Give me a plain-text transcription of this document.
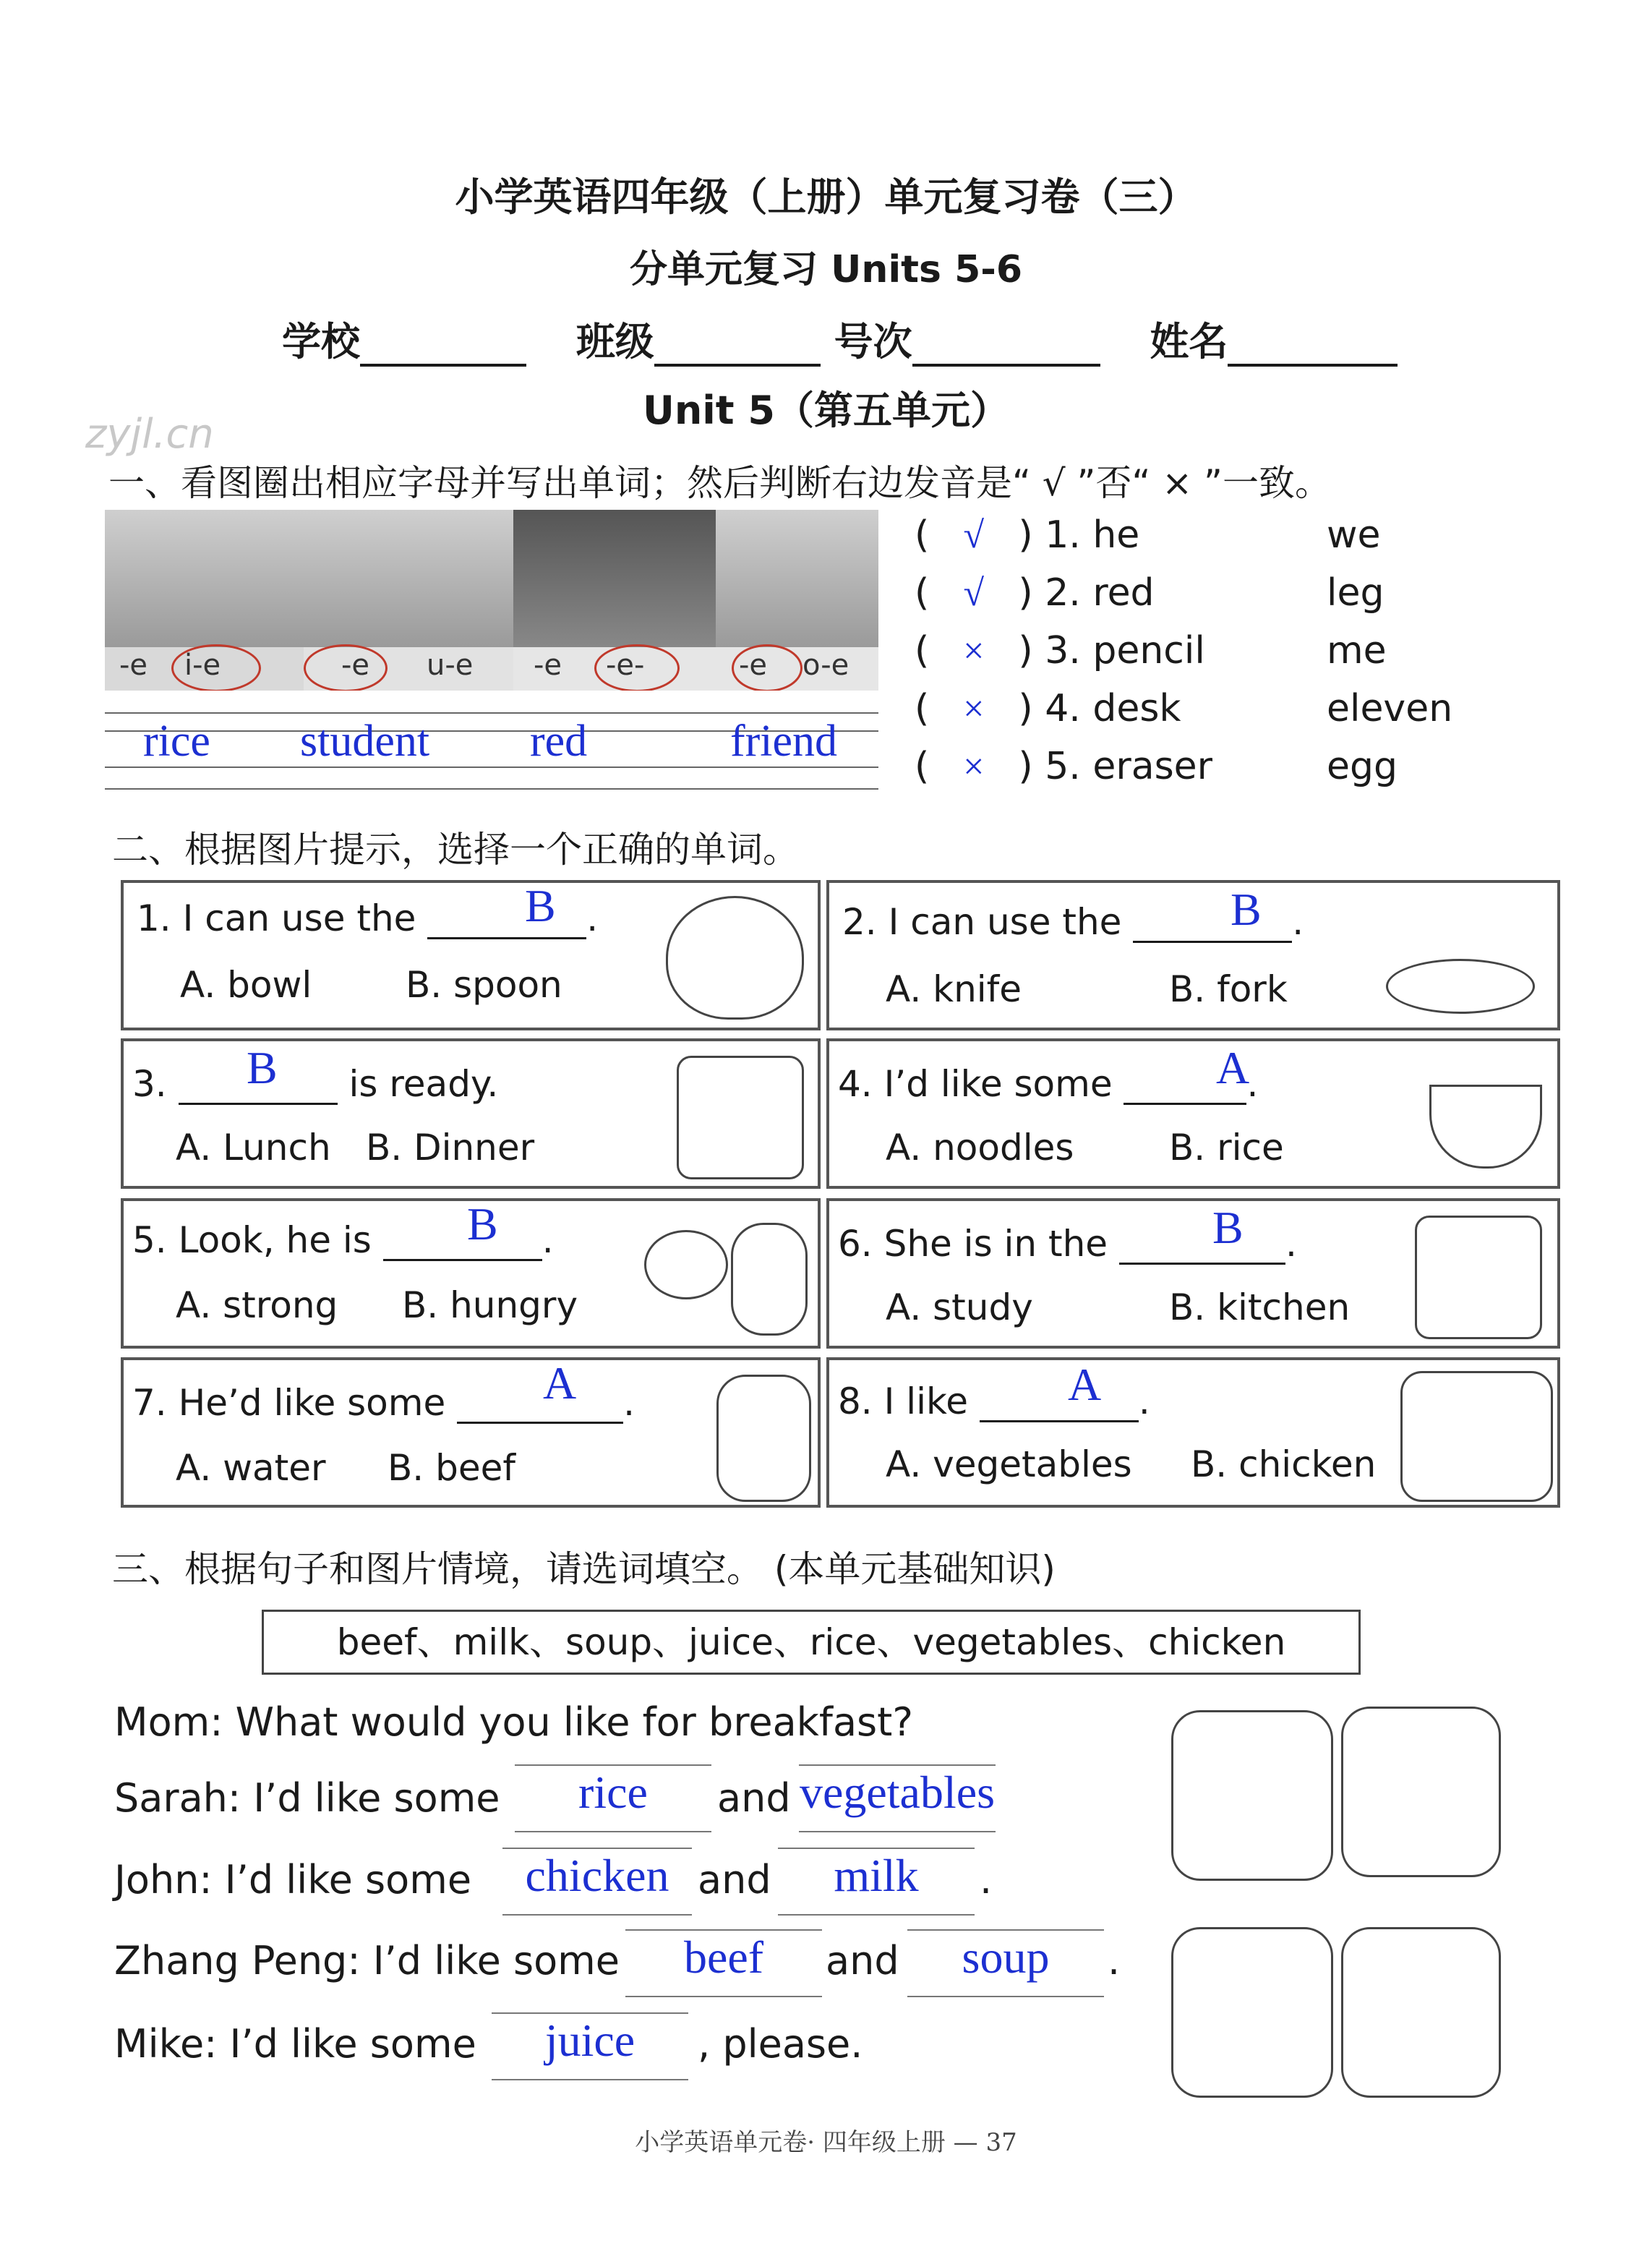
小学英语四年级（上册）单元复习卷（三）
分单元复习 Units 5-6
学校	班级	号次	姓名
Unit 5（第五单元）
zyjl.cn
一、看图圈出相应字母并写出单词；然后判断右边发音是“ √ ”否“ × ”一致。
-e i-e	-e u-e -e -e-	-e o-e
rice student red	friend
( √ ) 1. he	we
( √ ) 2. red	leg
( × ) 3. pencil	me
( × ) 4. desk	eleven
( × ) 5. eraser	egg
二、根据图片提示，选择一个正确的单词。
1. I can use the	.
B
A. bowl	B. spoon
2. I can use the	.
B
A. knife	B. fork
3.	is ready.
B
A. Lunch B. Dinner
4. I’d like some	.
A
A. noodles	B. rice
5. Look, he is	.
B
A. strong B. hungry
6. She is in the	.
B
A. study	B. kitchen
7. He’d like some	.
A
A. water B. beef
8. I like	.
A
A. vegetables B. chicken
三、根据句子和图片情境，请选词填空。 (本单元基础知识)
beef、milk、soup、juice、rice、vegetables、chicken
Mom: What would you like for breakfast?
Sarah: I’d like some	rice	and vegetables
John: I’d like some	chicken and	milk	.
Zhang Peng: I’d like some	beef	and	soup	.
Mike: I’d like some	juice	, please.
小学英语单元卷· 四年级上册 — 37
